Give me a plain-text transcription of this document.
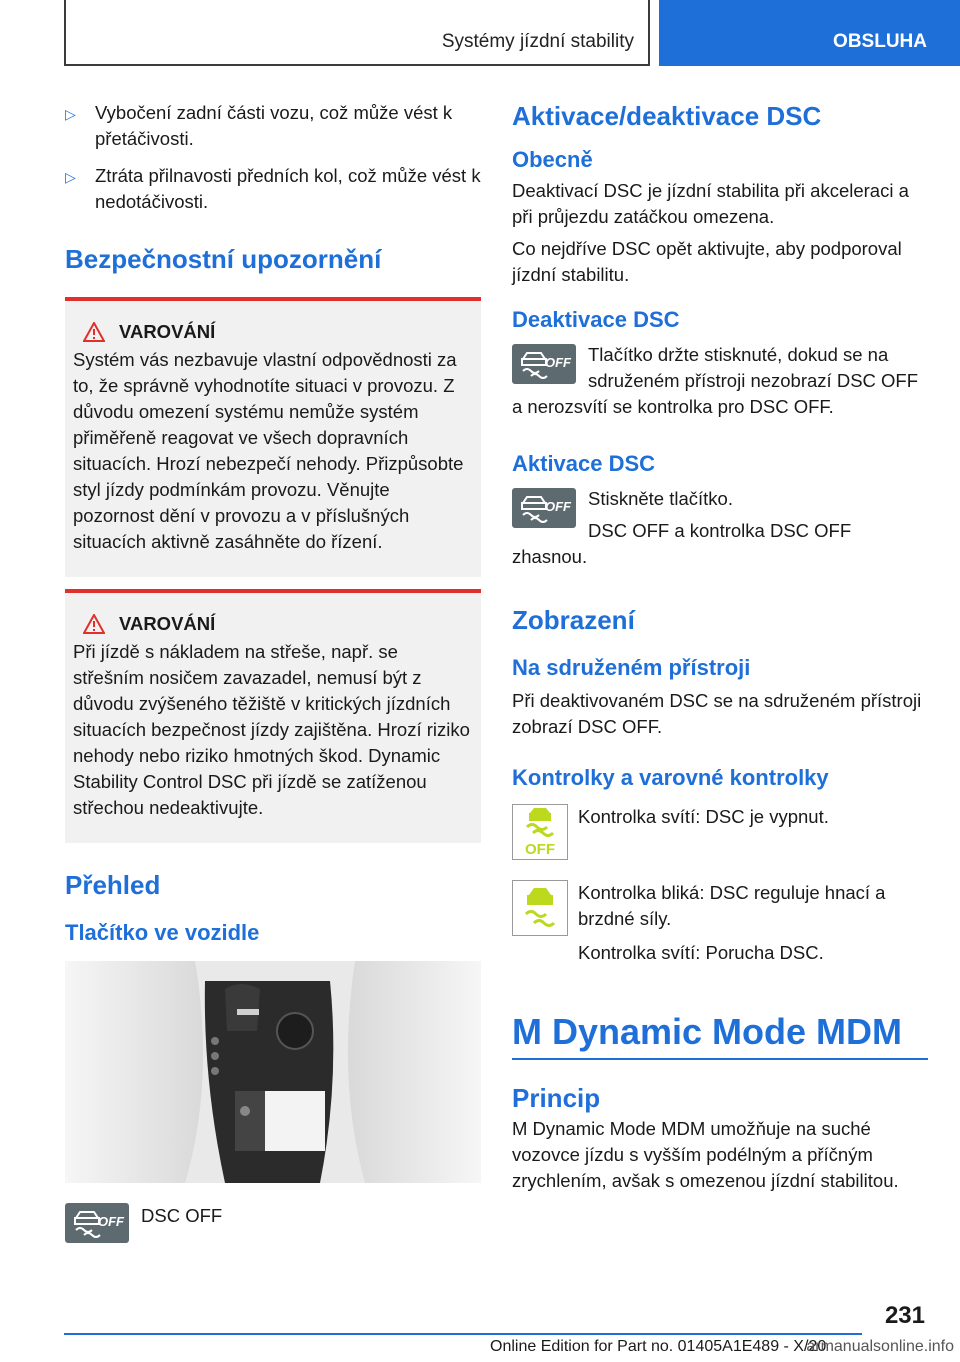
Systémy jízdní stability	OBSLUHA
▷ Vybočení zadní části vozu, což může vést k přetáčivosti.
▷ Ztráta přilnavosti předních kol, což může vést k nedotáčivosti.
Bezpečnostní upozornění
VAROVÁNÍ

Systém vás nezbavuje vlastní odpovědnosti za to, že správně vyhodnotíte situaci v provozu. Z důvodu omezení systému nemůže systém přiměřeně reagovat ve všech dopravních situacích. Hrozí nebezpečí nehody. Přizpůsobte styl jízdy podmínkám provozu. Věnujte pozornost dění v provozu a v příslušných situacích aktivně zasáhněte do řízení.

VAROVÁNÍ

Při jízdě s nákladem na střeše, např. se střešním nosičem zavazadel, nemusí být z důvodu zvýšeného těžiště v kritických jízdních situacích bezpečnost jízdy zajištěna. Hrozí riziko nehody nebo riziko hmotných škod. Dynamic Stability Control DSC při jízdě se zatíženou střechou nedeaktivujte.

Přehled
Tlačítko ve vozidle
OFF DSC OFF
Aktivace/deaktivace DSC
Obecně

Deaktivací DSC je jízdní stabilita při akceleraci a při průjezdu zatáčkou omezena.

Co nejdříve DSC opět aktivujte, aby podporoval jízdní stabilitu.

Deaktivace DSC
OFF Tlačítko držte stisknuté, dokud se na sdruženém přístroji nezobrazí DSC OFF a nerozsvítí se kontrolka pro DSC OFF.

Aktivace DSC
OFF Stiskněte tlačítko.

DSC OFF a kontrolka DSC OFF zhasnou.

Zobrazení
Na sdruženém přístroji

Při deaktivovaném DSC se na sdruženém přístroji zobrazí DSC OFF.

Kontrolky a varovné kontrolky
OFF

Kontrolka svítí: DSC je vypnut.

Kontrolka bliká: DSC reguluje hnací a brzdné síly.

Kontrolka svítí: Porucha DSC.

M Dynamic Mode MDM
Princip

M Dynamic Mode MDM umožňuje na suché vozovce jízdu s vyšším podélným a příčným zrychlením, avšak s omezenou jízdní stabilitou.

231
Online Edition for Part no. 01405A1E489 - X/20
armanualsonline.info
